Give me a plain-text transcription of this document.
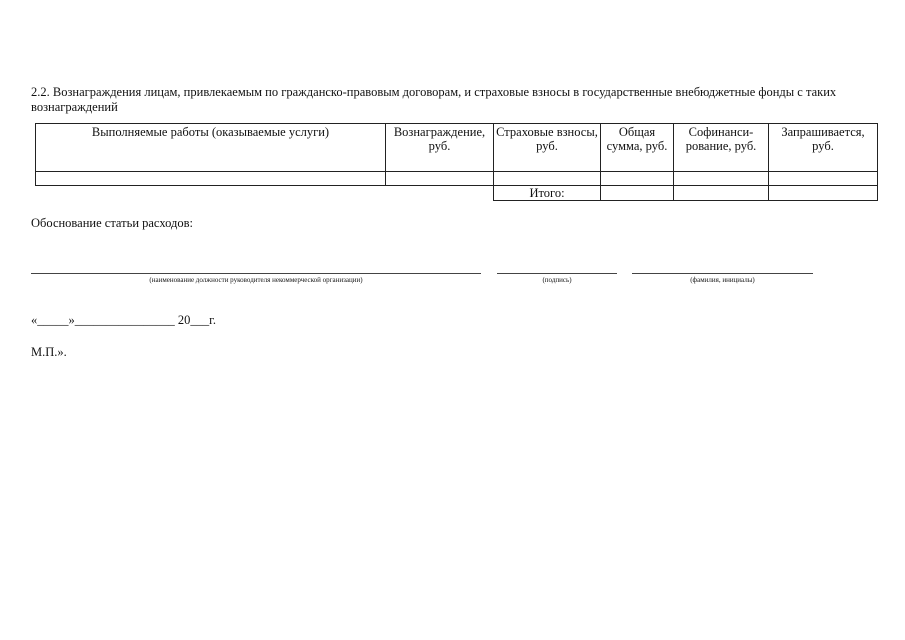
2.2. Вознаграждения лицам, привлекаемым по гражданско-правовым договорам, и страховые взносы в государственные внебюджетные фонды с таких вознаграждений
Выполняемые работы (оказываемые услуги)	Вознаграждение, руб.	Страховые взносы, руб.	Общая сумма, руб.	Софинанси-рование, руб.	Запрашивается, руб.

		Итого:			
Обоснование статьи расходов:
(наименование должности руководителя некоммерческой организации)	(подпись)	(фамилия, инициалы)
«_____»________________ 20___г.
М.П.».
